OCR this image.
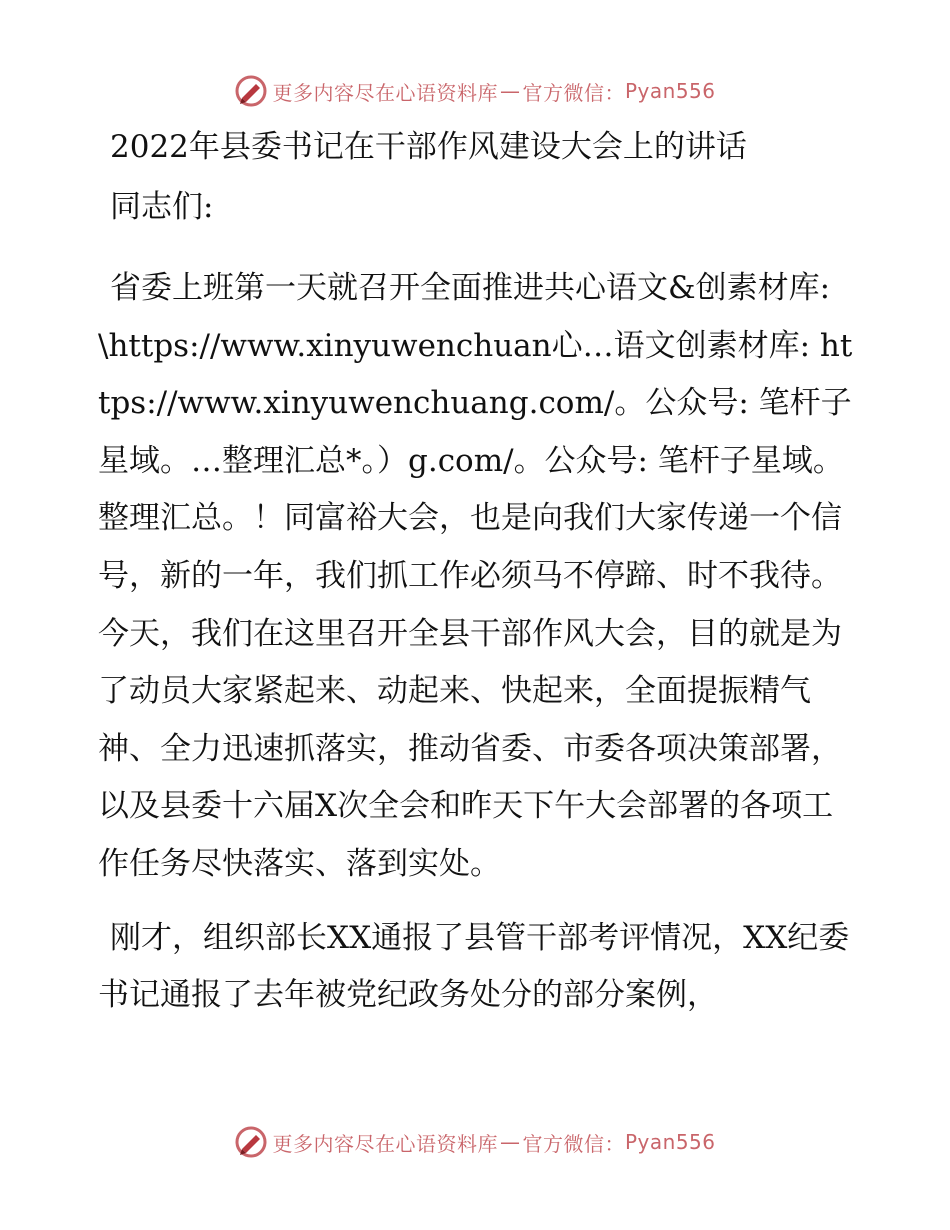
更多内容尽在心语资料库 — 官方微信： Pyan556
2022年县委书记在干部作风建设大会上的讲话
同志们:

省委上班第一天就召开全面推进共心语文&创素材库: \https://www.xinyuwenchuan心…语文创素材库: https://www.xinyuwenchuang.com/。公众号: 笔杆子星域。…整理汇总*。）g.com/。公众号: 笔杆子星域。整理汇总。！同富裕大会，也是向我们大家传递一个信号，新的一年，我们抓工作必须马不停蹄、时不我待。今天，我们在这里召开全县干部作风大会，目的就是为了动员大家紧起来、动起来、快起来，全面提振精气神、全力迅速抓落实，推动省委、市委各项决策部署，以及县委十六届X次全会和昨天下午大会部署的各项工作任务尽快落实、落到实处。

刚才，组织部长XX通报了县管干部考评情况，XX纪委书记通报了去年被党纪政务处分的部分案例，

更多内容尽在心语资料库 — 官方微信： Pyan556
